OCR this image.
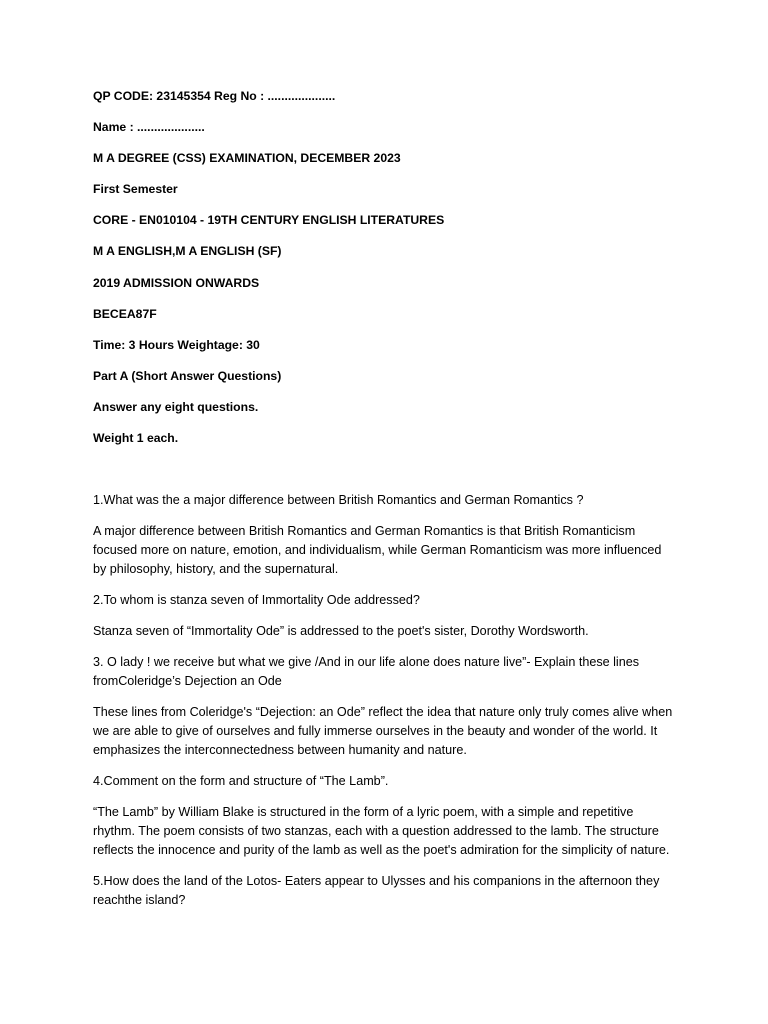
QP CODE: 23145354 Reg No : ....................
Name : ....................
M A DEGREE (CSS) EXAMINATION, DECEMBER 2023
First Semester
CORE - EN010104 - 19TH CENTURY ENGLISH LITERATURES
M A ENGLISH,M A ENGLISH (SF)
2019 ADMISSION ONWARDS
BECEA87F
Time: 3 Hours Weightage: 30
Part A (Short Answer Questions)
Answer any eight questions.
Weight 1 each.

1.What was the a major difference between British Romantics and German Romantics ?

A major difference between British Romantics and German Romantics is that British Romanticism focused more on nature, emotion, and individualism, while German Romanticism was more influenced by philosophy, history, and the supernatural.

2.To whom is stanza seven of Immortality Ode addressed?

Stanza seven of “Immortality Ode” is addressed to the poet's sister, Dorothy Wordsworth.

3. O lady ! we receive but what we give /And in our life alone does nature live”- Explain these lines fromColeridge’s Dejection an Ode

These lines from Coleridge's “Dejection: an Ode” reflect the idea that nature only truly comes alive when we are able to give of ourselves and fully immerse ourselves in the beauty and wonder of the world. It emphasizes the interconnectedness between humanity and nature.

4.Comment on the form and structure of “The Lamb”.

“The Lamb” by William Blake is structured in the form of a lyric poem, with a simple and repetitive rhythm. The poem consists of two stanzas, each with a question addressed to the lamb. The structure reflects the innocence and purity of the lamb as well as the poet's admiration for the simplicity of nature.

5.How does the land of the Lotos- Eaters appear to Ulysses and his companions in the afternoon they reachthe island?
